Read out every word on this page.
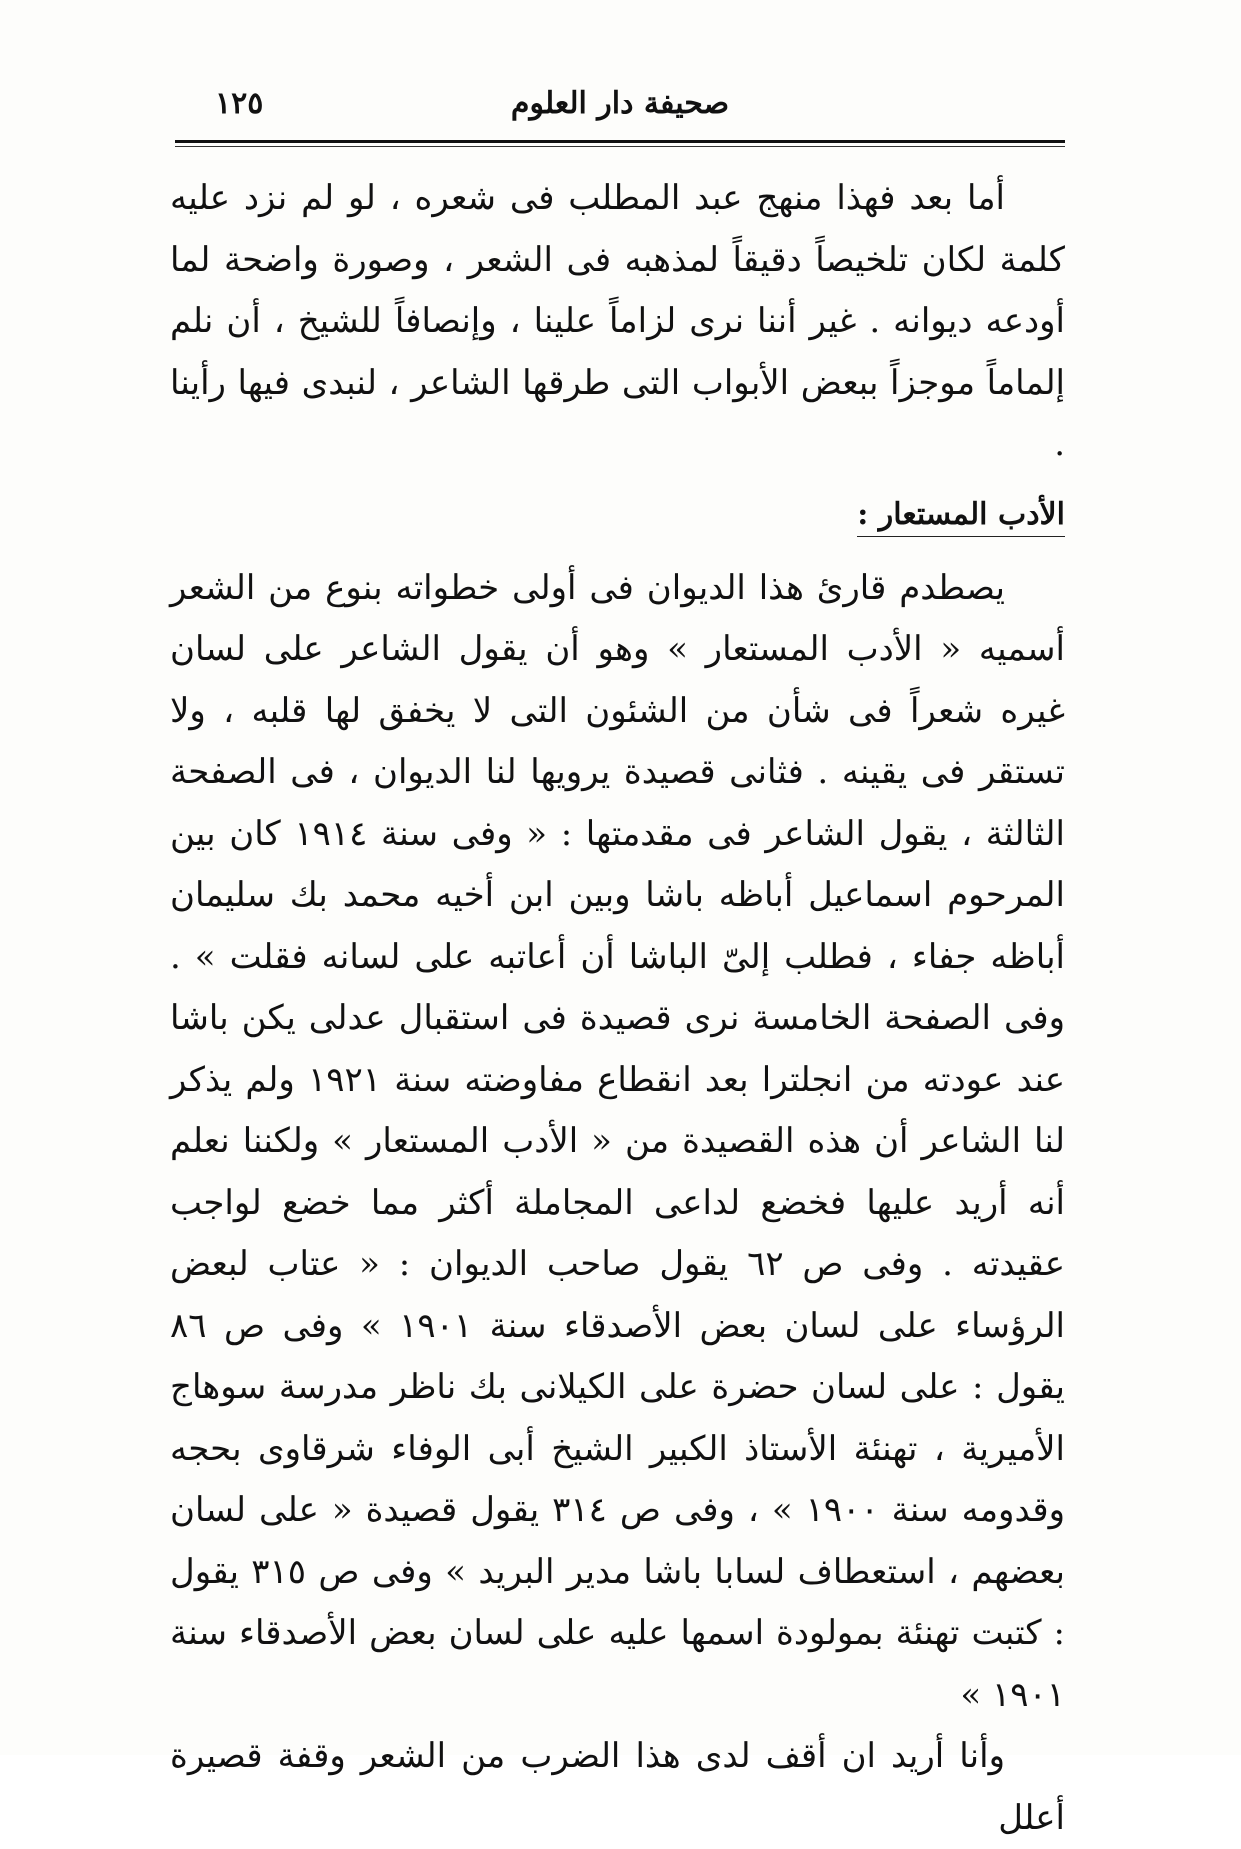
صحيفة دار العلوم
١٢٥

أما بعد فهذا منهج عبد المطلب فى شعره ، لو لم نزد عليه كلمة لكان تلخيصاً دقيقاً لمذهبه فى الشعر ، وصورة واضحة لما أودعه ديوانه . غير أننا نرى لزاماً علينا ، وإنصافاً للشيخ ، أن نلم إلماماً موجزاً ببعض الأبواب التى طرقها الشاعر ، لنبدى فيها رأينا .

الأدب المستعار :

يصطدم قارئ هذا الديوان فى أولى خطواته بنوع من الشعر أسميه « الأدب المستعار » وهو أن يقول الشاعر على لسان غيره شعراً فى شأن من الشئون التى لا يخفق لها قلبه ، ولا تستقر فى يقينه . فثانى قصيدة يرويها لنا الديوان ، فى الصفحة الثالثة ، يقول الشاعر فى مقدمتها : « وفى سنة ١٩١٤ كان بين المرحوم اسماعيل أباظه باشا وبين ابن أخيه محمد بك سليمان أباظه جفاء ، فطلب إلىّ الباشا أن أعاتبه على لسانه فقلت » . وفى الصفحة الخامسة نرى قصيدة فى استقبال عدلى يكن باشا عند عودته من انجلترا بعد انقطاع مفاوضته سنة ١٩٢١ ولم يذكر لنا الشاعر أن هذه القصيدة من « الأدب المستعار » ولكننا نعلم أنه أريد عليها فخضع لداعى المجاملة أكثر مما خضع لواجب عقيدته . وفى ص ٦٢ يقول صاحب الديوان : « عتاب لبعض الرؤساء على لسان بعض الأصدقاء سنة ١٩٠١ » وفى ص ٨٦ يقول : على لسان حضرة على الكيلانى بك ناظر مدرسة سوهاج الأميرية ، تهنئة الأستاذ الكبير الشيخ أبى الوفاء شرقاوى بحجه وقدومه سنة ١٩٠٠ » ، وفى ص ٣١٤ يقول قصيدة « على لسان بعضهم ، استعطاف لسابا باشا مدير البريد » وفى ص ٣١٥ يقول : كتبت تهنئة بمولودة اسمها عليه على لسان بعض الأصدقاء سنة ١٩٠١ »

وأنا أريد ان أقف لدى هذا الضرب من الشعر وقفة قصيرة أعلل
